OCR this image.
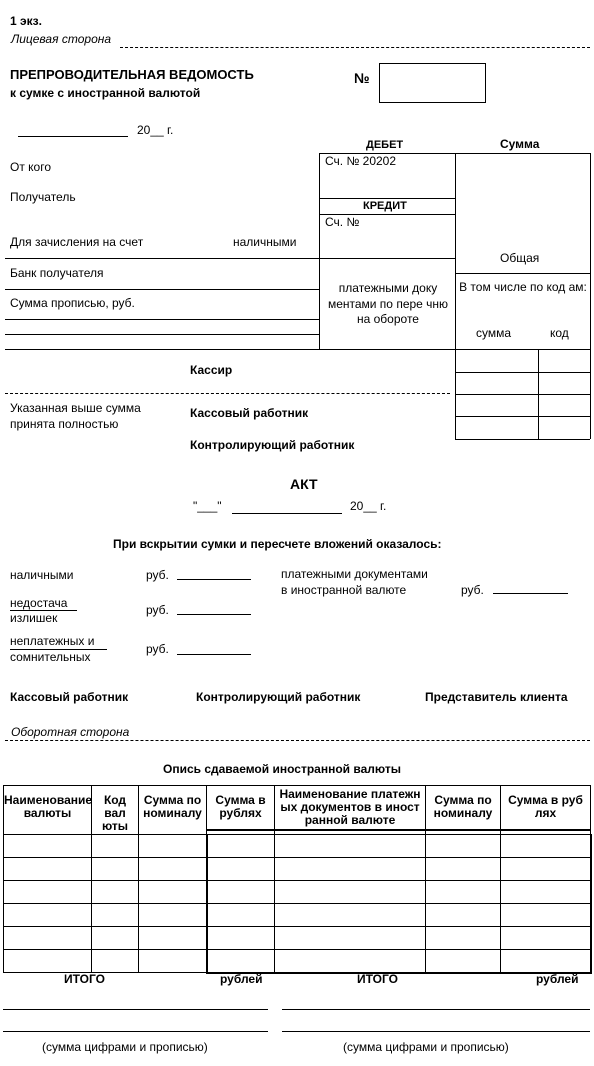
1 экз.
Лицевая сторона
ПРЕПРОВОДИТЕЛЬНАЯ ВЕДОМОСТЬ
к сумке с иностранной валютой
№
20__ г.
ДЕБЕТ	Сумма
Сч. № 20202
КРЕДИТ
Сч. №
Общая
В том числе по код ам:
сумма	код
От кого
Получатель
Для зачисления на счет	наличными
Банк получателя
Сумма прописью, руб.
платежными доку ментами по пере чню на обороте
Кассир
Указанная выше сумма
принята полностью
Кассовый работник
Контролирующий работник
АКТ
"___"	20__ г.
При вскрытии сумки и пересчете вложений оказалось:
наличными	руб.	платежными документами
в иностранной валюте	руб.
недостача
излишек
руб.
неплатежных и
сомнительных
руб.
Кассовый работник	Контролирующий работник	Представитель клиента
Оборотная сторона
Опись сдаваемой иностранной валюты
Наименование валюты	Код вал юты	Сумма по номиналу	Сумма в рублях	Наименование платежн ых документов в иност ранной валюте	Сумма по номиналу	Сумма в руб лях

ИТОГО	рублей	ИТОГО	рублей
(сумма цифрами и прописью)	(сумма цифрами и прописью)
